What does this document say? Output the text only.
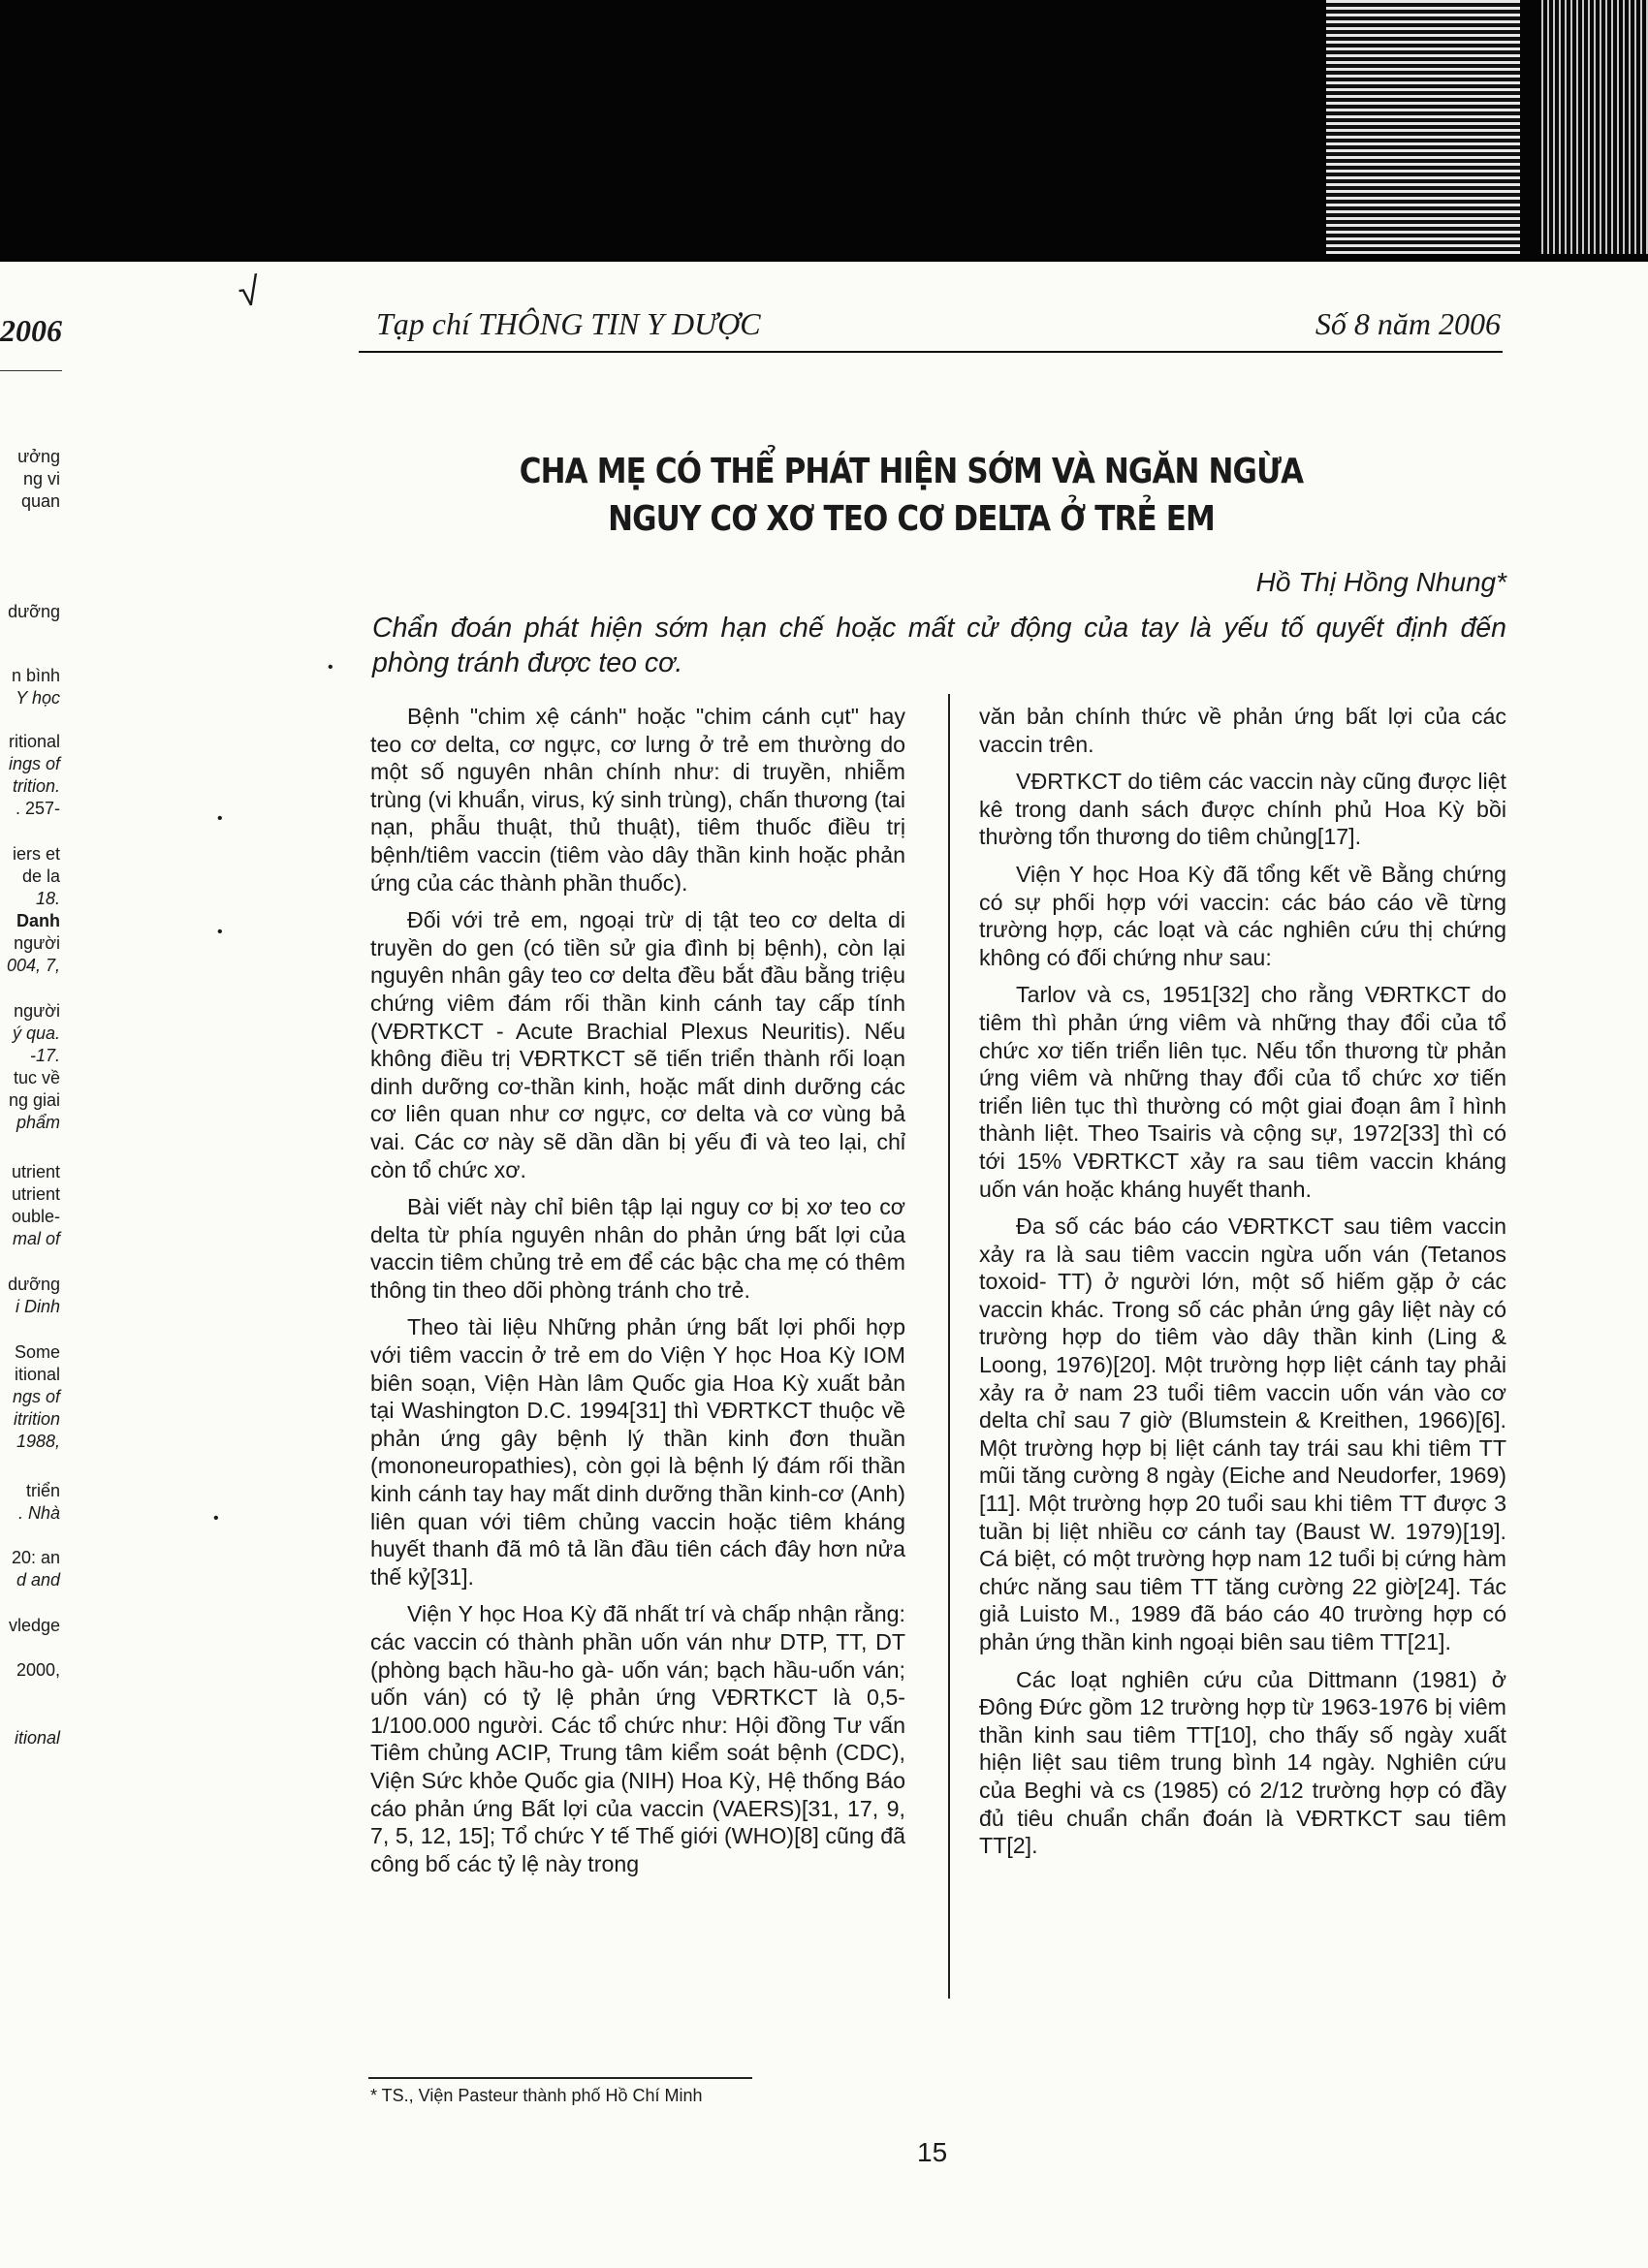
2006
ưởng
ng vi
quan
dưỡng
n bình
Y học
ritional
ings of
trition.
. 257-
iers et
de la
18.
Danh
người
004, 7,
người
ý qua.
-17.
tuc về
ng giai
phẩm
utrient
utrient
ouble-
mal of
dưỡng
i Dinh
Some
itional
ngs of
itrition
1988,
triển
. Nhà
20: an
d and
vledge
2000,
itional
√
Tạp chí THÔNG TIN Y DƯỢC	Số 8 năm 2006
CHA MẸ CÓ THỂ PHÁT HIỆN SỚM VÀ NGĂN NGỪA
NGUY CƠ XƠ TEO CƠ DELTA Ở TRẺ EM
Hồ Thị Hồng Nhung*
Chẩn đoán phát hiện sớm hạn chế hoặc mất cử động của tay là yếu tố quyết định đến phòng tránh được teo cơ.

Bệnh "chim xệ cánh" hoặc "chim cánh cụt" hay teo cơ delta, cơ ngực, cơ lưng ở trẻ em thường do một số nguyên nhân chính như: di truyền, nhiễm trùng (vi khuẩn, virus, ký sinh trùng), chấn thương (tai nạn, phẫu thuật, thủ thuật), tiêm thuốc điều trị bệnh/tiêm vaccin (tiêm vào dây thần kinh hoặc phản ứng của các thành phần thuốc).

Đối với trẻ em, ngoại trừ dị tật teo cơ delta di truyền do gen (có tiền sử gia đình bị bệnh), còn lại nguyên nhân gây teo cơ delta đều bắt đầu bằng triệu chứng viêm đám rối thần kinh cánh tay cấp tính (VĐRTKCT - Acute Brachial Plexus Neuritis). Nếu không điều trị VĐRTKCT sẽ tiến triển thành rối loạn dinh dưỡng cơ-thần kinh, hoặc mất dinh dưỡng các cơ liên quan như cơ ngực, cơ delta và cơ vùng bả vai. Các cơ này sẽ dần dần bị yếu đi và teo lại, chỉ còn tổ chức xơ.

Bài viết này chỉ biên tập lại nguy cơ bị xơ teo cơ delta từ phía nguyên nhân do phản ứng bất lợi của vaccin tiêm chủng trẻ em để các bậc cha mẹ có thêm thông tin theo dõi phòng tránh cho trẻ.

Theo tài liệu Những phản ứng bất lợi phối hợp với tiêm vaccin ở trẻ em do Viện Y học Hoa Kỳ IOM biên soạn, Viện Hàn lâm Quốc gia Hoa Kỳ xuất bản tại Washington D.C. 1994[31] thì VĐRTKCT thuộc về phản ứng gây bệnh lý thần kinh đơn thuần (mononeuropathies), còn gọi là bệnh lý đám rối thần kinh cánh tay hay mất dinh dưỡng thần kinh-cơ (Anh) liên quan với tiêm chủng vaccin hoặc tiêm kháng huyết thanh đã mô tả lần đầu tiên cách đây hơn nửa thế kỷ[31].

Viện Y học Hoa Kỳ đã nhất trí và chấp nhận rằng: các vaccin có thành phần uốn ván như DTP, TT, DT (phòng bạch hầu-ho gà- uốn ván; bạch hầu-uốn ván; uốn ván) có tỷ lệ phản ứng VĐRTKCT là 0,5-1/100.000 người. Các tổ chức như: Hội đồng Tư vấn Tiêm chủng ACIP, Trung tâm kiểm soát bệnh (CDC), Viện Sức khỏe Quốc gia (NIH) Hoa Kỳ, Hệ thống Báo cáo phản ứng Bất lợi của vaccin (VAERS)[31, 17, 9, 7, 5, 12, 15]; Tổ chức Y tế Thế giới (WHO)[8] cũng đã công bố các tỷ lệ này trong

văn bản chính thức về phản ứng bất lợi của các vaccin trên.

VĐRTKCT do tiêm các vaccin này cũng được liệt kê trong danh sách được chính phủ Hoa Kỳ bồi thường tổn thương do tiêm chủng[17].

Viện Y học Hoa Kỳ đã tổng kết về Bằng chứng có sự phối hợp với vaccin: các báo cáo về từng trường hợp, các loạt và các nghiên cứu thị chứng không có đối chứng như sau:

Tarlov và cs, 1951[32] cho rằng VĐRTKCT do tiêm thì phản ứng viêm và những thay đổi của tổ chức xơ tiến triển liên tục. Nếu tổn thương từ phản ứng viêm và những thay đổi của tổ chức xơ tiến triển liên tục thì thường có một giai đoạn âm ỉ hình thành liệt. Theo Tsairis và cộng sự, 1972[33] thì có tới 15% VĐRTKCT xảy ra sau tiêm vaccin kháng uốn ván hoặc kháng huyết thanh.

Đa số các báo cáo VĐRTKCT sau tiêm vaccin xảy ra là sau tiêm vaccin ngừa uốn ván (Tetanos toxoid- TT) ở người lớn, một số hiếm gặp ở các vaccin khác. Trong số các phản ứng gây liệt này có trường hợp do tiêm vào dây thần kinh (Ling & Loong, 1976)[20]. Một trường hợp liệt cánh tay phải xảy ra ở nam 23 tuổi tiêm vaccin uốn ván vào cơ delta chỉ sau 7 giờ (Blumstein & Kreithen, 1966)[6]. Một trường hợp bị liệt cánh tay trái sau khi tiêm TT mũi tăng cường 8 ngày (Eiche and Neudorfer, 1969)[11]. Một trường hợp 20 tuổi sau khi tiêm TT được 3 tuần bị liệt nhiều cơ cánh tay (Baust W. 1979)[19]. Cá biệt, có một trường hợp nam 12 tuổi bị cứng hàm chức năng sau tiêm TT tăng cường 22 giờ[24]. Tác giả Luisto M., 1989 đã báo cáo 40 trường hợp có phản ứng thần kinh ngoại biên sau tiêm TT[21].

Các loạt nghiên cứu của Dittmann (1981) ở Đông Đức gồm 12 trường hợp từ 1963-1976 bị viêm thần kinh sau tiêm TT[10], cho thấy số ngày xuất hiện liệt sau tiêm trung bình 14 ngày. Nghiên cứu của Beghi và cs (1985) có 2/12 trường hợp có đầy đủ tiêu chuẩn chẩn đoán là VĐRTKCT sau tiêm TT[2].

* TS., Viện Pasteur thành phố Hồ Chí Minh
15
•
•
•
•
